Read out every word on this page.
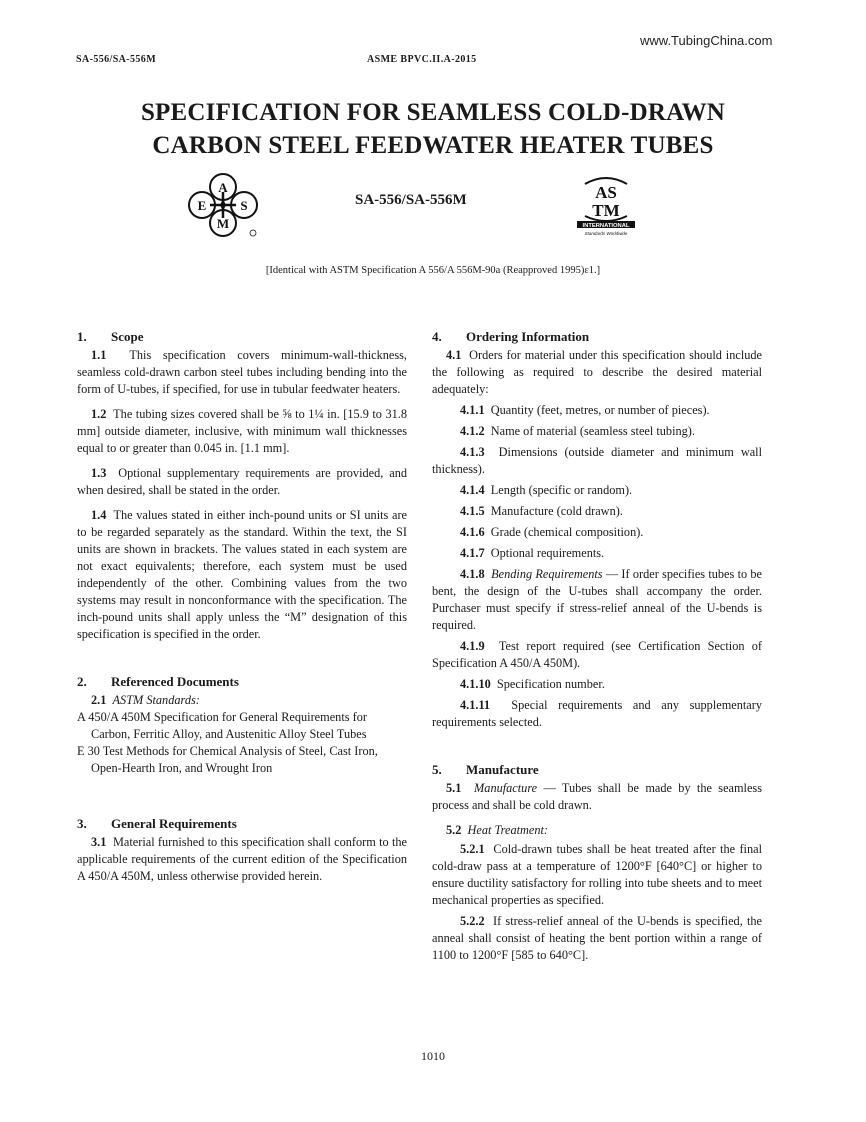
www.TubingChina.com
SA-556/SA-556M	ASME BPVC.II.A-2015
SPECIFICATION FOR SEAMLESS COLD-DRAWN
CARBON STEEL FEEDWATER HEATER TUBES
A
E	S
M
SA-556/SA-556M	AS
TM
INTERNATIONAL
Standards Worldwide
[Identical with ASTM Specification A 556/A 556M-90a (Reapproved 1995)ε1.]
1. Scope

1.1 This specification covers minimum-wall-thickness, seamless cold-drawn carbon steel tubes including bending into the form of U-tubes, if specified, for use in tubular feedwater heaters.

1.2 The tubing sizes covered shall be ⅝ to 1¼ in. [15.9 to 31.8 mm] outside diameter, inclusive, with minimum wall thicknesses equal to or greater than 0.045 in. [1.1 mm].

1.3 Optional supplementary requirements are provided, and when desired, shall be stated in the order.

1.4 The values stated in either inch-pound units or SI units are to be regarded separately as the standard. Within the text, the SI units are shown in brackets. The values stated in each system are not exact equivalents; therefore, each system must be used independently of the other. Combining values from the two systems may result in nonconformance with the specification. The inch-pound units shall apply unless the “M” designation of this specification is specified in the order.

2. Referenced Documents

2.1 ASTM Standards:

A 450/A 450M Specification for General Requirements for Carbon, Ferritic Alloy, and Austenitic Alloy Steel Tubes

E 30 Test Methods for Chemical Analysis of Steel, Cast Iron, Open-Hearth Iron, and Wrought Iron

3. General Requirements

3.1 Material furnished to this specification shall conform to the applicable requirements of the current edition of the Specification A 450/A 450M, unless otherwise provided herein.

4. Ordering Information

4.1 Orders for material under this specification should include the following as required to describe the desired material adequately:

4.1.1 Quantity (feet, metres, or number of pieces).

4.1.2 Name of material (seamless steel tubing).

4.1.3 Dimensions (outside diameter and minimum wall thickness).

4.1.4 Length (specific or random).

4.1.5 Manufacture (cold drawn).

4.1.6 Grade (chemical composition).

4.1.7 Optional requirements.

4.1.8 Bending Requirements — If order specifies tubes to be bent, the design of the U-tubes shall accompany the order. Purchaser must specify if stress-relief anneal of the U-bends is required.

4.1.9 Test report required (see Certification Section of Specification A 450/A 450M).

4.1.10 Specification number.

4.1.11 Special requirements and any supplementary requirements selected.

5. Manufacture

5.1 Manufacture — Tubes shall be made by the seamless process and shall be cold drawn.

5.2 Heat Treatment:

5.2.1 Cold-drawn tubes shall be heat treated after the final cold-draw pass at a temperature of 1200°F [640°C] or higher to ensure ductility satisfactory for rolling into tube sheets and to meet mechanical properties as specified.

5.2.2 If stress-relief anneal of the U-bends is specified, the anneal shall consist of heating the bent portion within a range of 1100 to 1200°F [585 to 640°C].

1010
